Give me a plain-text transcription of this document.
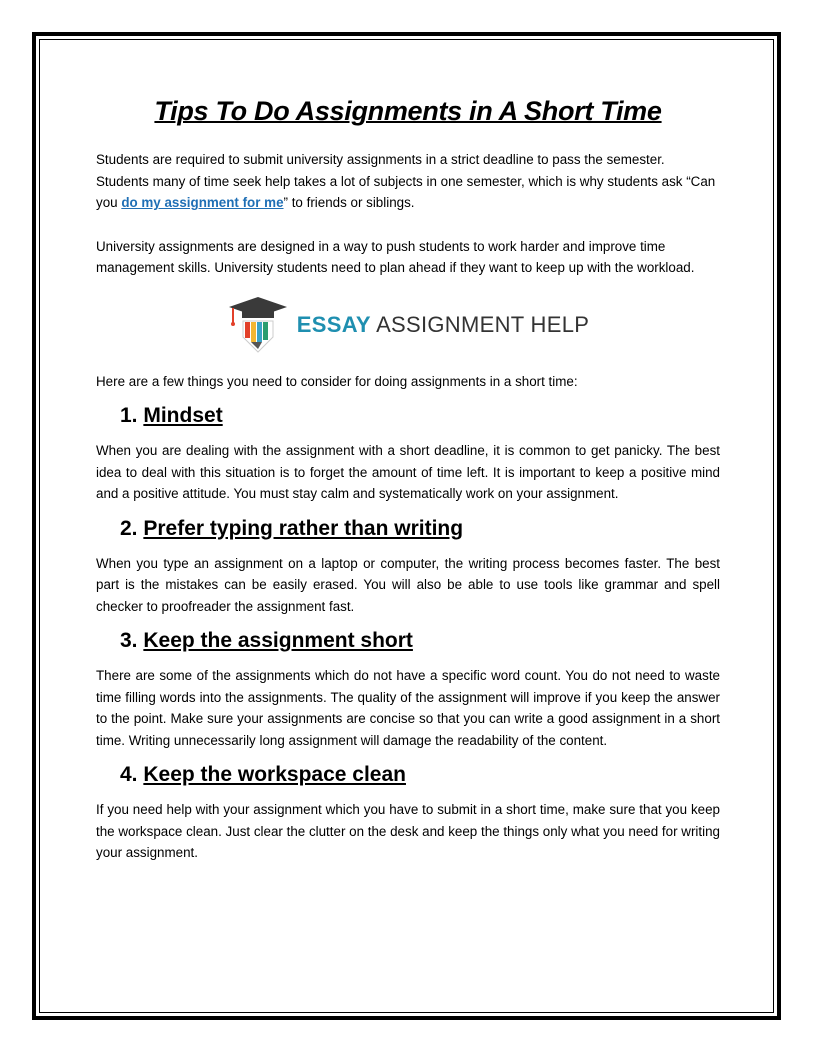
Tips To Do Assignments in A Short Time

Students are required to submit university assignments in a strict deadline to pass the semester. Students many of time seek help takes a lot of subjects in one semester, which is why students ask “Can you do my assignment for me” to friends or siblings.

University assignments are designed in a way to push students to work harder and improve time management skills. University students need to plan ahead if they want to keep up with the workload.

ESSAY ASSIGNMENT HELP

Here are a few things you need to consider for doing assignments in a short time:

1. Mindset

When you are dealing with the assignment with a short deadline, it is common to get panicky. The best idea to deal with this situation is to forget the amount of time left. It is important to keep a positive mind and a positive attitude. You must stay calm and systematically work on your assignment.

2. Prefer typing rather than writing

When you type an assignment on a laptop or computer, the writing process becomes faster. The best part is the mistakes can be easily erased. You will also be able to use tools like grammar and spell checker to proofreader the assignment fast.

3. Keep the assignment short

There are some of the assignments which do not have a specific word count. You do not need to waste time filling words into the assignments. The quality of the assignment will improve if you keep the answer to the point. Make sure your assignments are concise so that you can write a good assignment in a short time. Writing unnecessarily long assignment will damage the readability of the content.

4. Keep the workspace clean

If you need help with your assignment which you have to submit in a short time, make sure that you keep the workspace clean. Just clear the clutter on the desk and keep the things only what you need for writing your assignment.
